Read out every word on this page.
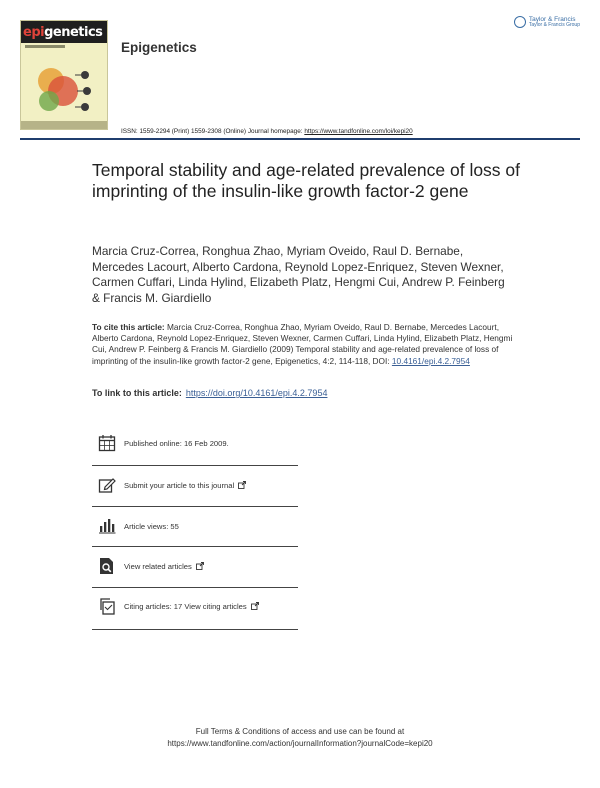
epigenetics
Epigenetics
Taylor & Francis
Taylor & Francis Group
ISSN: 1559-2294 (Print) 1559-2308 (Online) Journal homepage: https://www.tandfonline.com/loi/kepi20
Temporal stability and age-related prevalence of loss of imprinting of the insulin-like growth factor-2 gene
Marcia Cruz-Correa, Ronghua Zhao, Myriam Oveido, Raul D. Bernabe, Mercedes Lacourt, Alberto Cardona, Reynold Lopez-Enriquez, Steven Wexner, Carmen Cuffari, Linda Hylind, Elizabeth Platz, Hengmi Cui, Andrew P. Feinberg & Francis M. Giardiello
To cite this article: Marcia Cruz-Correa, Ronghua Zhao, Myriam Oveido, Raul D. Bernabe, Mercedes Lacourt, Alberto Cardona, Reynold Lopez-Enriquez, Steven Wexner, Carmen Cuffari, Linda Hylind, Elizabeth Platz, Hengmi Cui, Andrew P. Feinberg & Francis M. Giardiello (2009) Temporal stability and age-related prevalence of loss of imprinting of the insulin-like growth factor-2 gene, Epigenetics, 4:2, 114-118, DOI: 10.4161/epi.4.2.7954
To link to this article: https://doi.org/10.4161/epi.4.2.7954
Published online: 16 Feb 2009.
Submit your article to this journal
Article views: 55
View related articles
Citing articles: 17 View citing articles
Full Terms & Conditions of access and use can be found at
https://www.tandfonline.com/action/journalInformation?journalCode=kepi20
